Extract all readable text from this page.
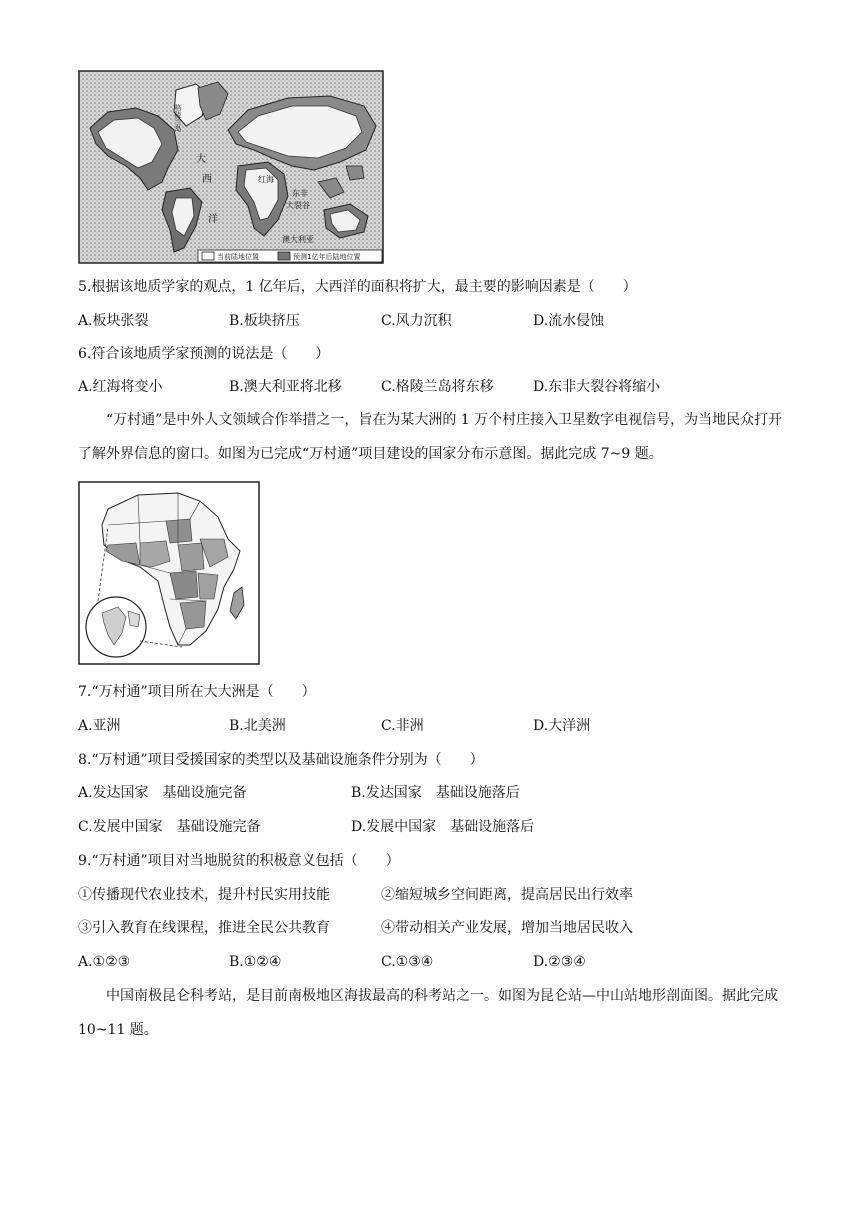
大
西
洋
红海
东非
大裂谷
澳大利亚
格陵兰岛
当前陆地位置	预测1亿年后陆地位置
5.根据该地质学家的观点，1 亿年后，大西洋的面积将扩大，最主要的影响因素是（　　）
A.板块张裂	B.板块挤压	C.风力沉积	D.流水侵蚀
6.符合该地质学家预测的说法是（　　）
A.红海将变小	B.澳大利亚将北移	C.格陵兰岛将东移	D.东非大裂谷将缩小
“万村通”是中外人文领域合作举措之一，旨在为某大洲的 1 万个村庄接入卫星数字电视信号，为当地民众打开了解外界信息的窗口。如图为已完成“万村通”项目建设的国家分布示意图。据此完成 7~9 题。
7.“万村通”项目所在大大洲是（　　）
A.亚洲	B.北美洲	C.非洲	D.大洋洲
8.“万村通”项目受援国家的类型以及基础设施条件分别为（　　）
A.发达国家　基础设施完备	B.发达国家　基础设施落后
C.发展中国家　基础设施完备	D.发展中国家　基础设施落后
9.“万村通”项目对当地脱贫的积极意义包括（　　）
①传播现代农业技术，提升村民实用技能	②缩短城乡空间距离，提高居民出行效率
③引入教育在线课程，推进全民公共教育	④带动相关产业发展，增加当地居民收入
A.①②③	B.①②④	C.①③④	D.②③④
中国南极昆仑科考站，是目前南极地区海拔最高的科考站之一。如图为昆仑站—中山站地形剖面图。据此完成 10~11 题。
